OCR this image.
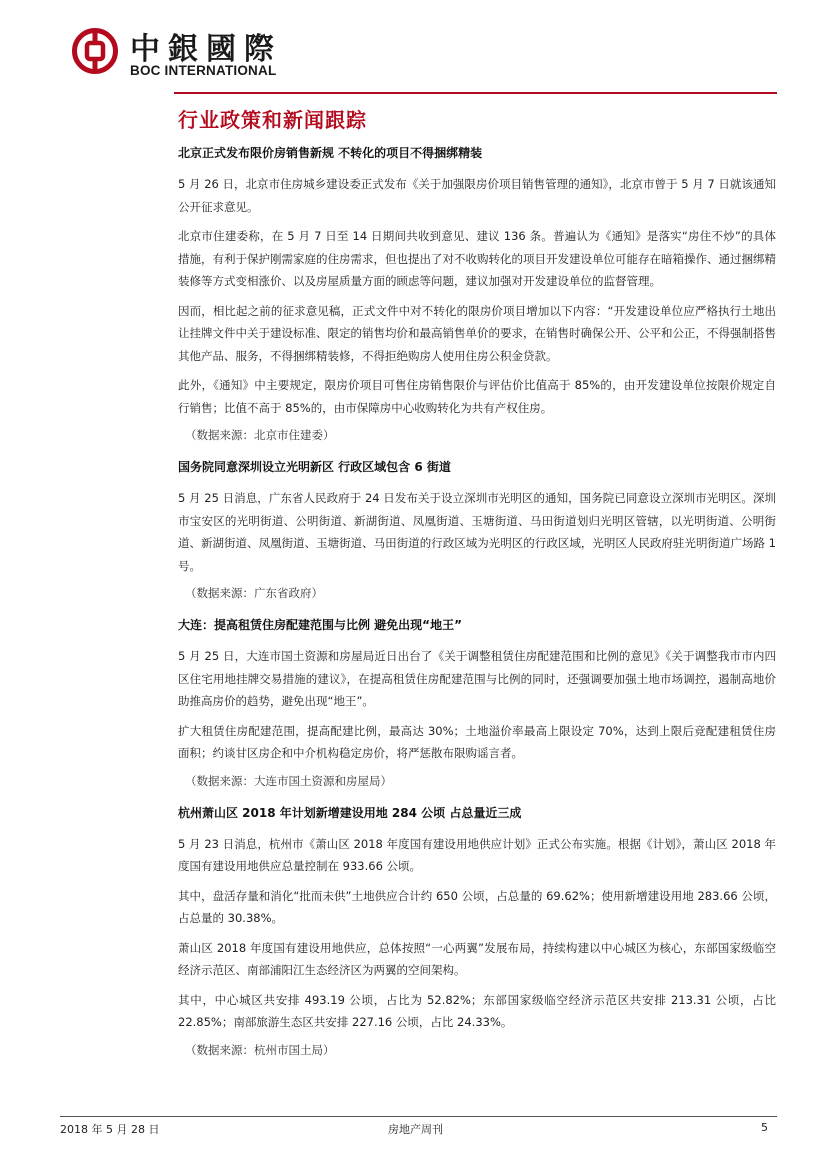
中銀國際
BOC INTERNATIONAL
行业政策和新闻跟踪

北京正式发布限价房销售新规 不转化的项目不得捆绑精装

5 月 26 日，北京市住房城乡建设委正式发布《关于加强限房价项目销售管理的通知》，北京市曾于 5 月 7 日就该通知公开征求意见。

北京市住建委称，在 5 月 7 日至 14 日期间共收到意见、建议 136 条。普遍认为《通知》是落实“房住不炒”的具体措施，有利于保护刚需家庭的住房需求，但也提出了对不收购转化的项目开发建设单位可能存在暗箱操作、通过捆绑精装修等方式变相涨价、以及房屋质量方面的顾虑等问题，建议加强对开发建设单位的监督管理。

因而，相比起之前的征求意见稿，正式文件中对不转化的限房价项目增加以下内容：“开发建设单位应严格执行土地出让挂牌文件中关于建设标准、限定的销售均价和最高销售单价的要求，在销售时确保公开、公平和公正，不得强制搭售其他产品、服务，不得捆绑精装修，不得拒绝购房人使用住房公积金贷款。

此外，《通知》中主要规定，限房价项目可售住房销售限价与评估价比值高于 85%的，由开发建设单位按限价规定自行销售；比值不高于 85%的，由市保障房中心收购转化为共有产权住房。

（数据来源：北京市住建委）

国务院同意深圳设立光明新区 行政区域包含 6 街道

5 月 25 日消息，广东省人民政府于 24 日发布关于设立深圳市光明区的通知，国务院已同意设立深圳市光明区。深圳市宝安区的光明街道、公明街道、新湖街道、凤凰街道、玉塘街道、马田街道划归光明区管辖，以光明街道、公明街道、新湖街道、凤凰街道、玉塘街道、马田街道的行政区域为光明区的行政区域，光明区人民政府驻光明街道广场路 1 号。

（数据来源：广东省政府）

大连：提高租赁住房配建范围与比例 避免出现“地王”

5 月 25 日，大连市国土资源和房屋局近日出台了《关于调整租赁住房配建范围和比例的意见》《关于调整我市市内四区住宅用地挂牌交易措施的建议》，在提高租赁住房配建范围与比例的同时，还强调要加强土地市场调控，遏制高地价助推高房价的趋势，避免出现“地王”。

扩大租赁住房配建范围，提高配建比例，最高达 30%；土地溢价率最高上限设定 70%，达到上限后竞配建租赁住房面积；约谈甘区房企和中介机构稳定房价，将严惩散布限购谣言者。

（数据来源：大连市国土资源和房屋局）

杭州萧山区 2018 年计划新增建设用地 284 公顷 占总量近三成

5 月 23 日消息，杭州市《萧山区 2018 年度国有建设用地供应计划》正式公布实施。根据《计划》，萧山区 2018 年度国有建设用地供应总量控制在 933.66 公顷。

其中，盘活存量和消化“批而未供”土地供应合计约 650 公顷，占总量的 69.62%；使用新增建设用地 283.66 公顷，占总量的 30.38%。

萧山区 2018 年度国有建设用地供应，总体按照“一心两翼”发展布局，持续构建以中心城区为核心，东部国家级临空经济示范区、南部浦阳江生态经济区为两翼的空间架构。

其中，中心城区共安排 493.19 公顷，占比为 52.82%；东部国家级临空经济示范区共安排 213.31 公顷，占比 22.85%；南部旅游生态区共安排 227.16 公顷，占比 24.33%。

（数据来源：杭州市国土局）

2018 年 5 月 28 日	房地产周刊	5
